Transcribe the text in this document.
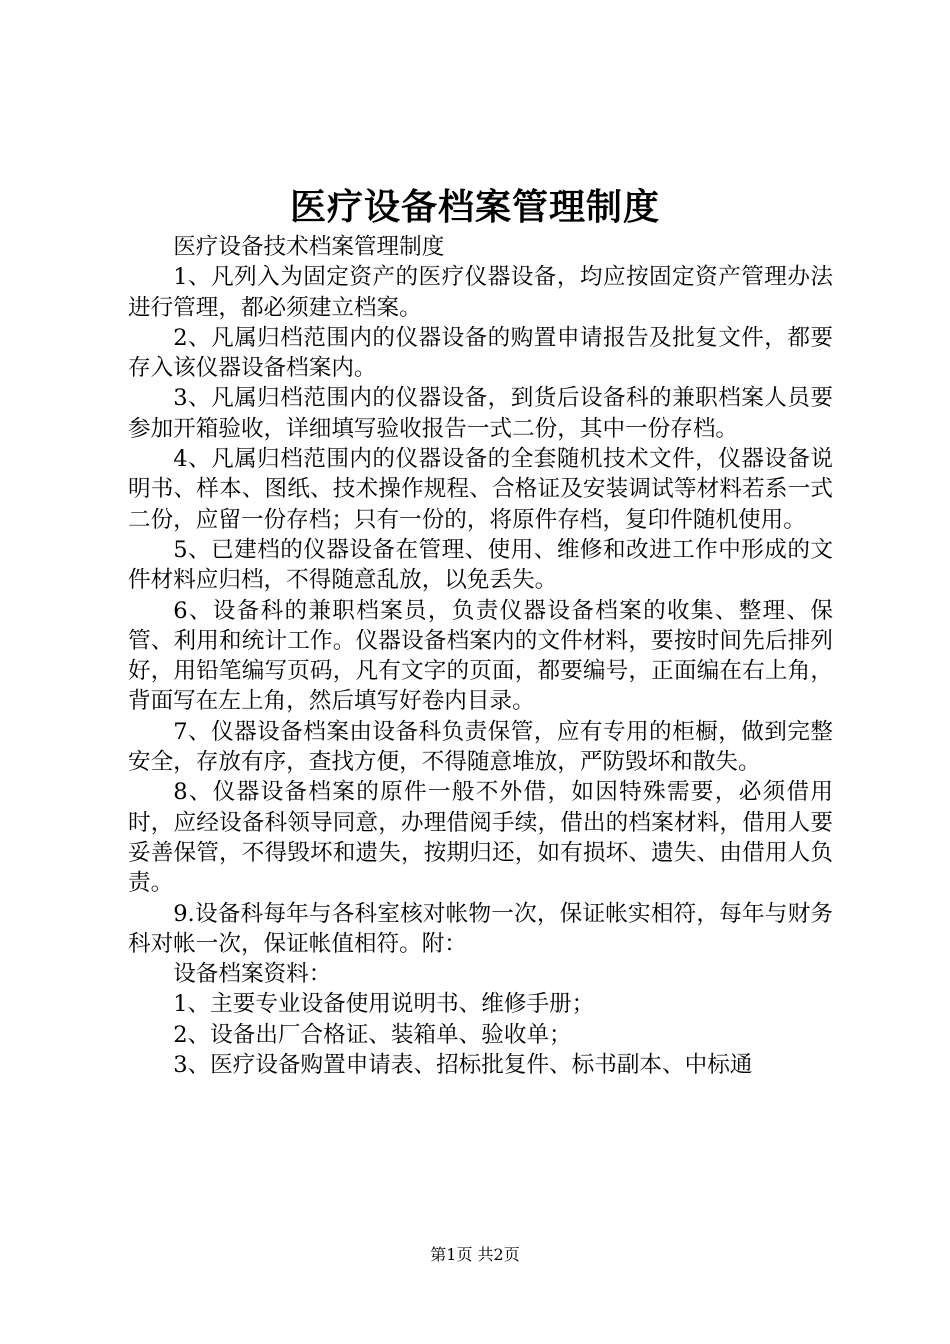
医疗设备档案管理制度

医疗设备技术档案管理制度

1、凡列入为固定资产的医疗仪器设备，均应按固定资产管理办法进行管理，都必须建立档案。

2、凡属归档范围内的仪器设备的购置申请报告及批复文件，都要存入该仪器设备档案内。

3、凡属归档范围内的仪器设备，到货后设备科的兼职档案人员要参加开箱验收，详细填写验收报告一式二份，其中一份存档。

4、凡属归档范围内的仪器设备的全套随机技术文件，仪器设备说明书、样本、图纸、技术操作规程、合格证及安装调试等材料若系一式二份，应留一份存档；只有一份的，将原件存档，复印件随机使用。

5、已建档的仪器设备在管理、使用、维修和改进工作中形成的文件材料应归档，不得随意乱放，以免丢失。

6、设备科的兼职档案员，负责仪器设备档案的收集、整理、保管、利用和统计工作。仪器设备档案内的文件材料，要按时间先后排列好，用铅笔编写页码，凡有文字的页面，都要编号，正面编在右上角，背面写在左上角，然后填写好卷内目录。

7、仪器设备档案由设备科负责保管，应有专用的柜橱，做到完整安全，存放有序，查找方便，不得随意堆放，严防毁坏和散失。

8、仪器设备档案的原件一般不外借，如因特殊需要，必须借用时，应经设备科领导同意，办理借阅手续，借出的档案材料，借用人要妥善保管，不得毁坏和遗失，按期归还，如有损坏、遗失、由借用人负责。

9.设备科每年与各科室核对帐物一次，保证帐实相符，每年与财务科对帐一次，保证帐值相符。附：

设备档案资料：

1、主要专业设备使用说明书、维修手册；

2、设备出厂合格证、装箱单、验收单；

3、医疗设备购置申请表、招标批复件、标书副本、中标通

第1页 共2页
